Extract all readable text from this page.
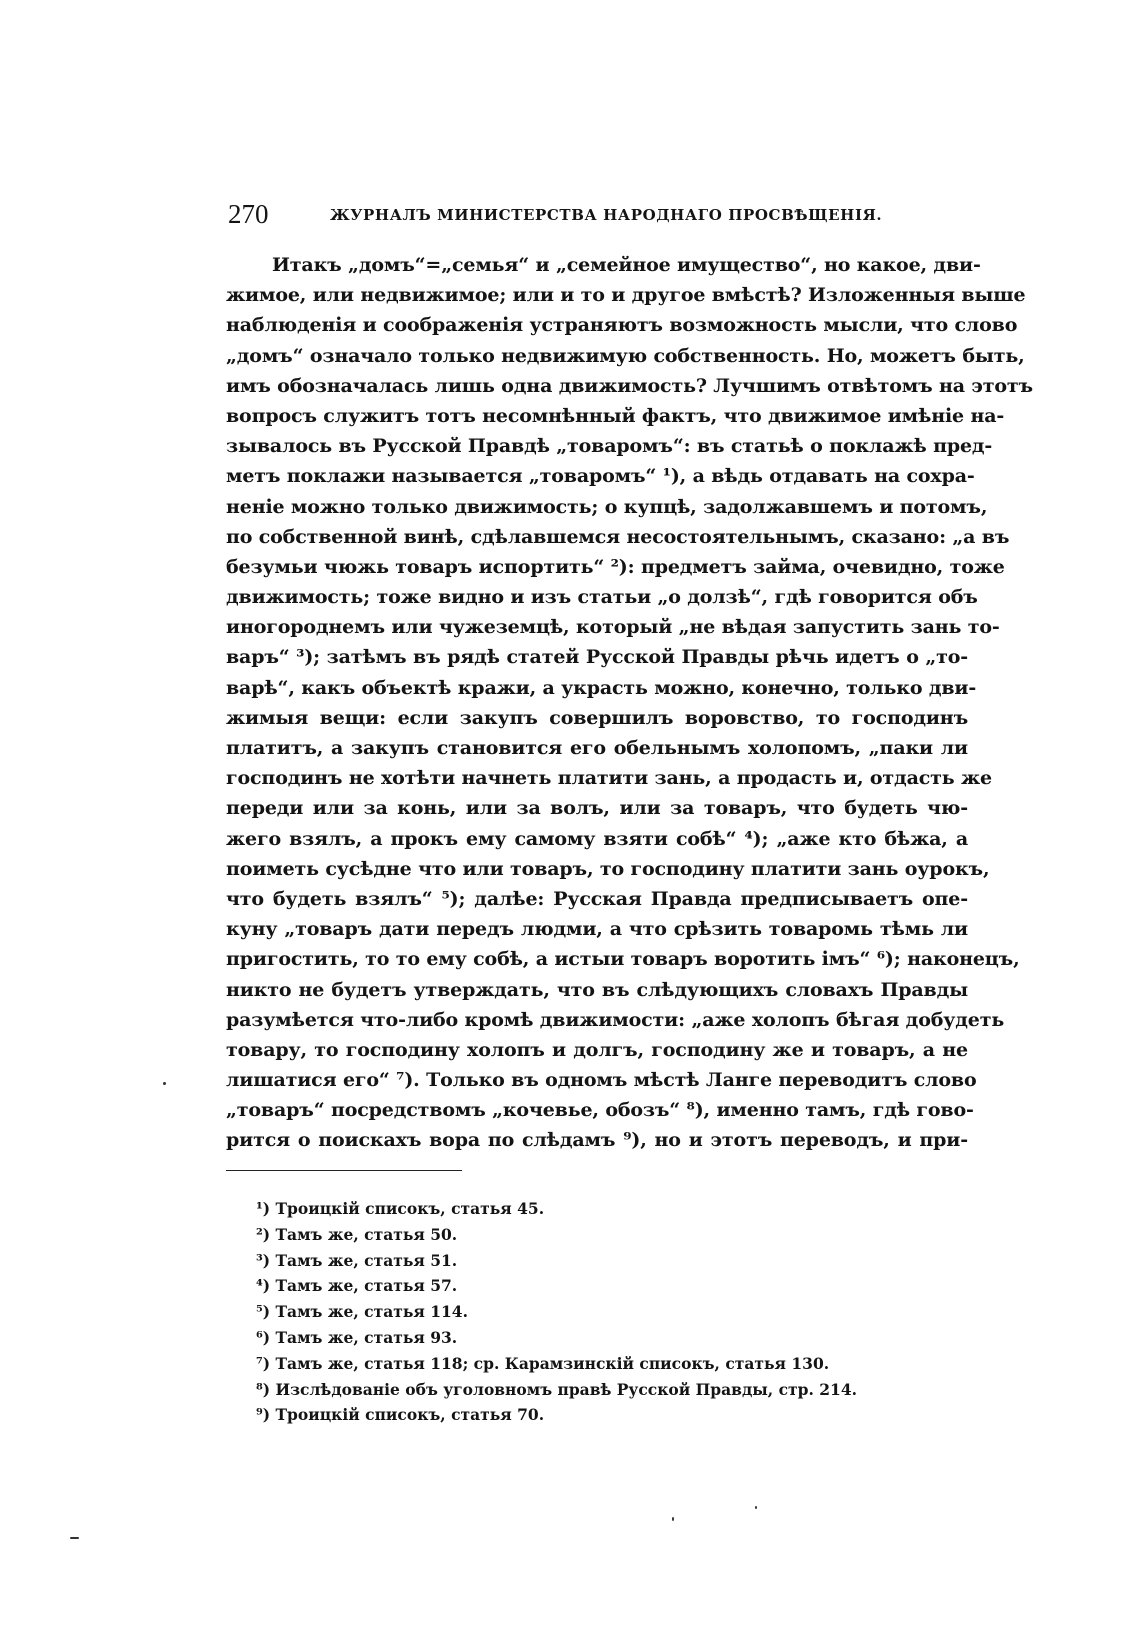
270	ЖУРНАЛЪ МИНИСТЕРСТВА НАРОДНАГО ПРОСВѢЩЕНІЯ.
Итакъ „домъ“=„семья“ и „семейное имущество“, но какое, дви-
жимое, или недвижимое; или и то и другое вмѣстѣ? Изложенныя выше
наблюденія и соображенія устраняютъ возможность мысли, что слово
„домъ“ означало только недвижимую собственность. Но, можетъ быть,
имъ обозначалась лишь одна движимость? Лучшимъ отвѣтомъ на этотъ
вопросъ служитъ тотъ несомнѣнный фактъ, что движимое имѣніе на-
зывалось въ Русской Правдѣ „товаромъ“: въ статьѣ о поклажѣ пред-
метъ поклажи называется „товаромъ“ ¹), а вѣдь отдавать на сохра-
неніе можно только движимость; о купцѣ, задолжавшемъ и потомъ,
по собственной винѣ, сдѣлавшемся несостоятельнымъ, сказано: „а въ
безумьи чюжь товаръ испортить“ ²): предметъ займа, очевидно, тоже
движимость; тоже видно и изъ статьи „о долзѣ“, гдѣ говорится объ
иногороднемъ или чужеземцѣ, который „не вѣдая запустить зань то-
варъ“ ³); затѣмъ въ рядѣ статей Русской Правды рѣчь идетъ о „то-
варѣ“, какъ объектѣ кражи, а украсть можно, конечно, только дви-
жимыя вещи: если закупъ совершилъ воровство, то господинъ
платитъ, а закупъ становится его обельнымъ холопомъ, „паки ли
господинъ не хотѣти начнеть платити зань, а продасть и, отдасть же
переди или за конь, или за волъ, или за товаръ, что будеть чю-
жего взялъ, а прокъ ему самому взяти собѣ“ ⁴); „аже кто бѣжа, а
поиметь сусѣдне что или товаръ, то господину платити зань оурокъ,
что будеть взялъ“ ⁵); далѣе: Русская Правда предписываетъ опе-
куну „товаръ дати передъ людми, а что срѣзить товаромь тѣмь ли
пригостить, то то ему собѣ, а истыи товаръ воротить імъ“ ⁶); наконецъ,
никто не будетъ утверждать, что въ слѣдующихъ словахъ Правды
разумѣется что-либо кромѣ движимости: „аже холопъ бѣгая добудеть
товару, то господину холопъ и долгъ, господину же и товаръ, а не
лишатися его“ ⁷). Только въ одномъ мѣстѣ Ланге переводитъ слово
„товаръ“ посредствомъ „кочевье, обозъ“ ⁸), именно тамъ, гдѣ гово-
рится о поискахъ вора по слѣдамъ ⁹), но и этотъ переводъ, и при-
¹) Троицкій списокъ, статья 45.
²) Тамъ же, статья 50.
³) Тамъ же, статья 51.
⁴) Тамъ же, статья 57.
⁵) Тамъ же, статья 114.
⁶) Тамъ же, статья 93.
⁷) Тамъ же, статья 118; ср. Карамзинскій списокъ, статья 130.
⁸) Изслѣдованіе объ уголовномъ правѣ Русской Правды, стр. 214.
⁹) Троицкій списокъ, статья 70.
